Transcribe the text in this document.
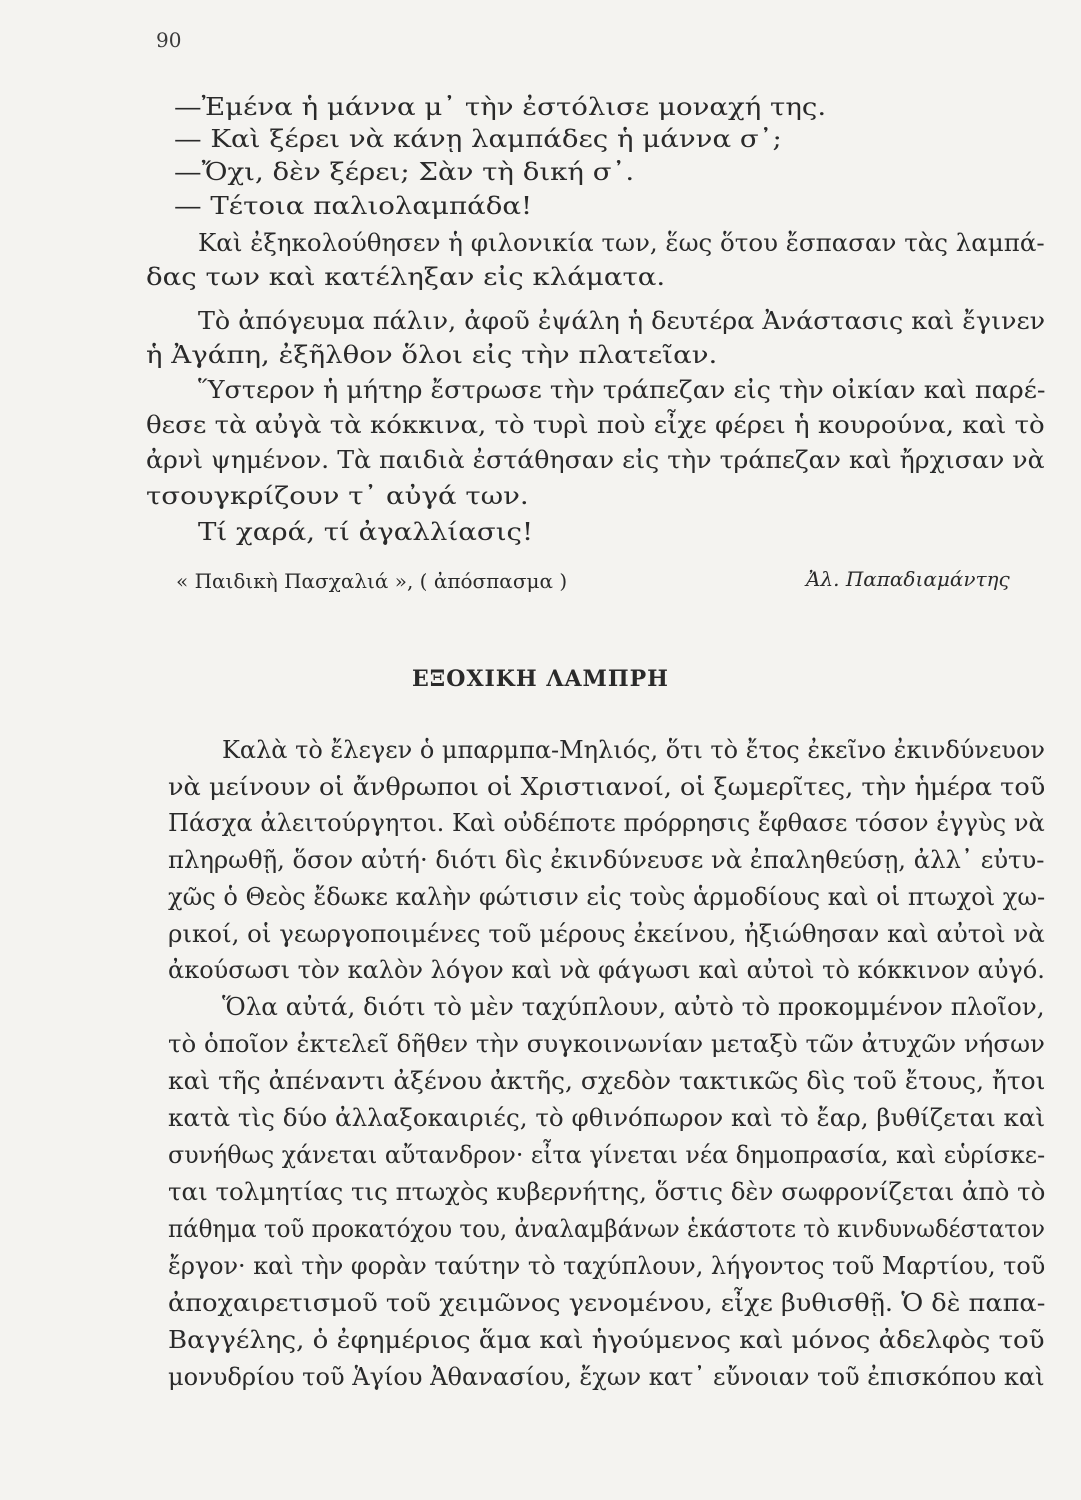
90
—Ἐμένα ἡ μάννα μ᾽ τὴν ἐστόλισε μοναχή της.
— Καὶ ξέρει νὰ κάνῃ λαμπάδες ἡ μάννα σ᾽;
—Ὄχι, δὲν ξέρει; Σὰν τὴ δική σ᾽.
— Τέτοια παλιολαμπάδα!
Καὶ ἐξηκολούθησεν ἡ φιλονικία των, ἕως ὅτου ἔσπασαν τὰς λαμπά-
δας των καὶ κατέληξαν εἰς κλάματα.
Τὸ ἀπόγευμα πάλιν, ἀφοῦ ἐψάλη ἡ δευτέρα Ἀνάστασις καὶ ἔγινεν
ἡ Ἀγάπη, ἐξῆλθον ὅλοι εἰς τὴν πλατεῖαν.
Ὕστερον ἡ μήτηρ ἔστρωσε τὴν τράπεζαν εἰς τὴν οἰκίαν καὶ παρέ-
θεσε τὰ αὐγὰ τὰ κόκκινα, τὸ τυρὶ ποὺ εἶχε φέρει ἡ κουρούνα, καὶ τὸ
ἀρνὶ ψημένον. Τὰ παιδιὰ ἐστάθησαν εἰς τὴν τράπεζαν καὶ ἤρχισαν νὰ
τσουγκρίζουν τ᾽ αὐγά των.
Τί χαρά, τί ἀγαλλίασις!
« Παιδικὴ Πασχαλιά », ( ἀπόσπασμα )	Ἀλ. Παπαδιαμάντης
ΕΞΟΧΙΚΗ ΛΑΜΠΡΗ
Καλὰ τὸ ἔλεγεν ὁ μπαρμπα-Μηλιός, ὅτι τὸ ἔτος ἐκεῖνο ἐκινδύνευον
νὰ μείνουν οἱ ἄνθρωποι οἱ Χριστιανοί, οἱ ξωμερῖτες, τὴν ἡμέρα τοῦ
Πάσχα ἀλειτούργητοι. Καὶ οὐδέποτε πρόρρησις ἔφθασε τόσον ἐγγὺς νὰ
πληρωθῇ, ὅσον αὐτή· διότι δὶς ἐκινδύνευσε νὰ ἐπαληθεύσῃ, ἀλλ᾽ εὐτυ-
χῶς ὁ Θεὸς ἔδωκε καλὴν φώτισιν εἰς τοὺς ἁρμοδίους καὶ οἱ πτωχοὶ χω-
ρικοί, οἱ γεωργοποιμένες τοῦ μέρους ἐκείνου, ἠξιώθησαν καὶ αὐτοὶ νὰ
ἀκούσωσι τὸν καλὸν λόγον καὶ νὰ φάγωσι καὶ αὐτοὶ τὸ κόκκινον αὐγό.
Ὅλα αὐτά, διότι τὸ μὲν ταχύπλουν, αὐτὸ τὸ προκομμένον πλοῖον,
τὸ ὁποῖον ἐκτελεῖ δῆθεν τὴν συγκοινωνίαν μεταξὺ τῶν ἀτυχῶν νήσων
καὶ τῆς ἀπέναντι ἀξένου ἀκτῆς, σχεδὸν τακτικῶς δὶς τοῦ ἔτους, ἤτοι
κατὰ τὶς δύο ἀλλαξοκαιριές, τὸ φθινόπωρον καὶ τὸ ἔαρ, βυθίζεται καὶ
συνήθως χάνεται αὔτανδρον· εἶτα γίνεται νέα δημοπρασία, καὶ εὑρίσκε-
ται τολμητίας τις πτωχὸς κυβερνήτης, ὅστις δὲν σωφρονίζεται ἀπὸ τὸ
πάθημα τοῦ προκατόχου του, ἀναλαμβάνων ἑκάστοτε τὸ κινδυνωδέστατον
ἔργον· καὶ τὴν φορὰν ταύτην τὸ ταχύπλουν, λήγοντος τοῦ Μαρτίου, τοῦ
ἀποχαιρετισμοῦ τοῦ χειμῶνος γενομένου, εἶχε βυθισθῇ. Ὁ δὲ παπα-
Βαγγέλης, ὁ ἐφημέριος ἅμα καὶ ἡγούμενος καὶ μόνος ἀδελφὸς τοῦ
μονυδρίου τοῦ Ἁγίου Ἀθανασίου, ἔχων κατ᾽ εὔνοιαν τοῦ ἐπισκόπου καὶ
